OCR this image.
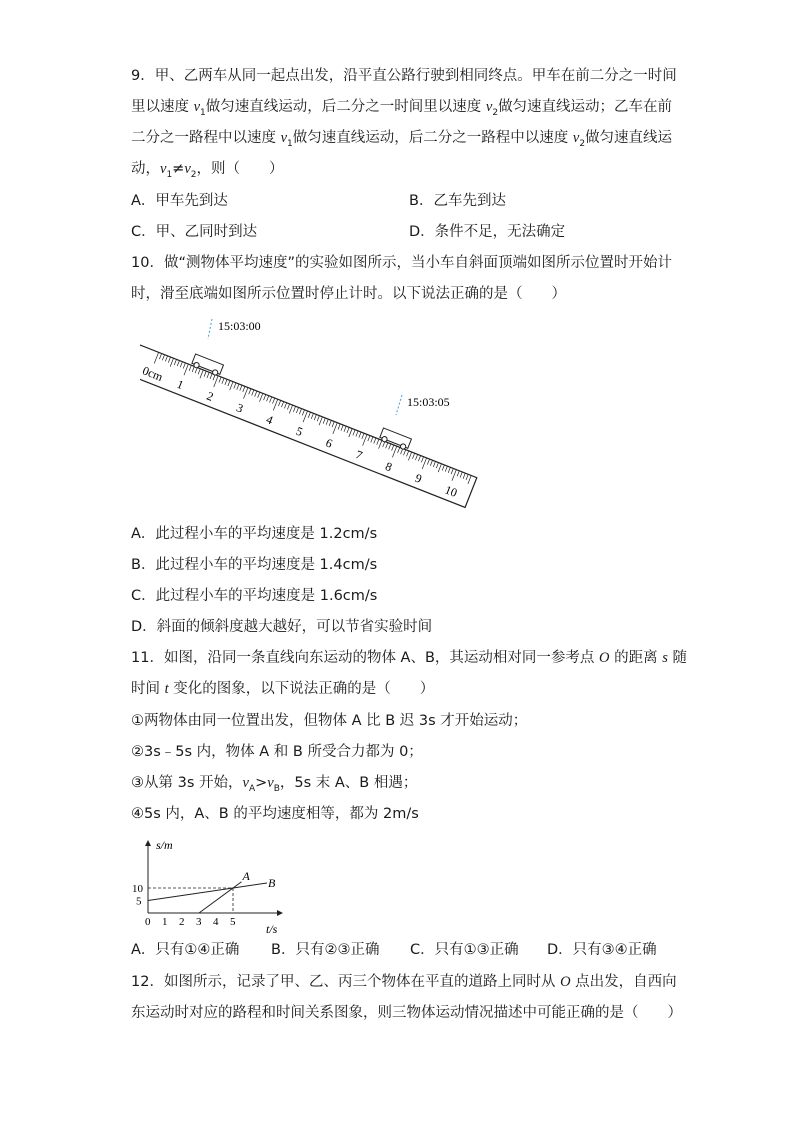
9．甲、乙两车从同一起点出发，沿平直公路行驶到相同终点。甲车在前二分之一时间
里以速度 $v_1$做匀速直线运动，后二分之一时间里以速度 $v_2$做匀速直线运动；乙车在前
二分之一路程中以速度 $v_1$做匀速直线运动，后二分之一路程中以速度 $v_2$做匀速直线运
动，$v_1\ne v_2$，则（　　）
A．甲车先到达	B．乙车先到达
C．甲、乙同时到达	D．条件不足，无法确定
10．做“测物体平均速度”的实验如图所示，当小车自斜面顶端如图所示位置时开始计
时，滑至底端如图所示位置时停止计时。以下说法正确的是（　　）
0cm
1
2
3
4
5
6
7
8
9
10
15:03:00
15:03:05
A．此过程小车的平均速度是 1.2cm/s
B．此过程小车的平均速度是 1.4cm/s
C．此过程小车的平均速度是 1.6cm/s
D．斜面的倾斜度越大越好，可以节省实验时间
11．如图，沿同一条直线向东运动的物体 A、B，其运动相对同一参考点 O 的距离 s 随
时间 t 变化的图象，以下说法正确的是（　　）
①两物体由同一位置出发，但物体 A 比 B 迟 3s 才开始运动；
②3s﹣5s 内，物体 A 和 B 所受合力都为 0；
③从第 3s 开始，$v_A>v_B$，5s 末 A、B 相遇；
④5s 内，A、B 的平均速度相等，都为 2m/s
0 1 2 3 4 5
5
10
A
B
s/m
t/s
A．只有①④正确 B．只有②③正确 C．只有①③正确 D．只有③④正确
12．如图所示，记录了甲、乙、丙三个物体在平直的道路上同时从 O 点出发，自西向
东运动时对应的路程和时间关系图象，则三物体运动情况描述中可能正确的是（　　）
